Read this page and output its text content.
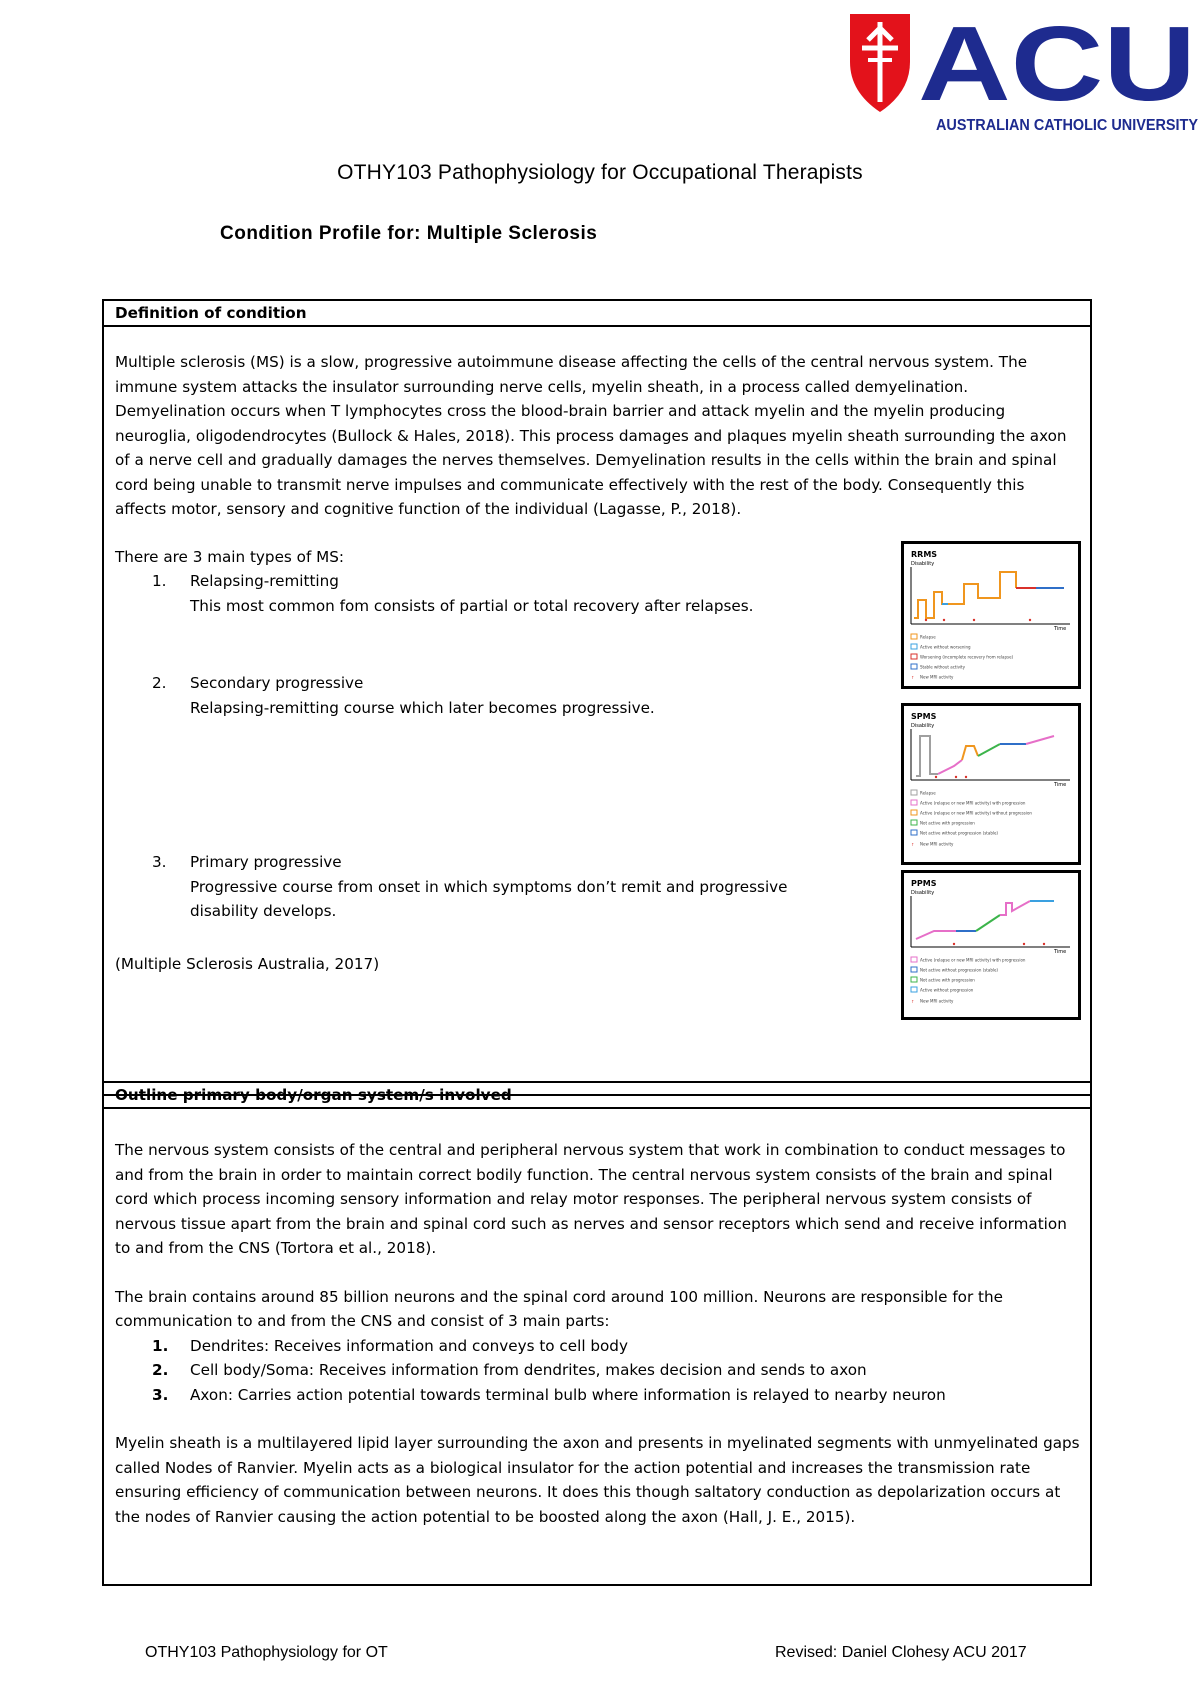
ACU
AUSTRALIAN CATHOLIC UNIVERSITY
OTHY103 Pathophysiology for Occupational Therapists
Condition Profile for: Multiple Sclerosis
Definition of condition

Multiple sclerosis (MS) is a slow, progressive autoimmune disease affecting the cells of the central nervous system. The immune system attacks the insulator surrounding nerve cells, myelin sheath, in a process called demyelination. Demyelination occurs when T lymphocytes cross the blood-brain barrier and attack myelin and the myelin producing neuroglia, oligodendrocytes (Bullock & Hales, 2018). This process damages and plaques myelin sheath surrounding the axon of a nerve cell and gradually damages the nerves themselves. Demyelination results in the cells within the brain and spinal cord being unable to transmit nerve impulses and communicate effectively with the rest of the body. Consequently this affects motor, sensory and cognitive function of the individual (Lagasse, P., 2018).

There are 3 main types of MS:
1. Relapsing-remitting
This most common fom consists of partial or total recovery after relapses.
2. Secondary progressive
Relapsing-remitting course which later becomes progressive.
3. Primary progressive
Progressive course from onset in which symptoms don’t remit and progressive disability develops.
(Multiple Sclerosis Australia, 2017)
RRMS
Disability
Time
Relapse
Active without worsening
Worsening (incomplete recovery from relapse)
Stable without activity
↑ New MRI activity
SPMS
Disability
Time
Relapse
Active (relapse or new MRI activity) with progression
Active (relapse or new MRI activity) without progression
Not active with progression
Not active without progression (stable)
↑ New MRI activity
PPMS
Disability
Time
Active (relapse or new MRI activity) with progression
Not active without progression (stable)
Not active with progression
Active without progression
↑ New MRI activity
Outline primary body/organ system/s involved

The nervous system consists of the central and peripheral nervous system that work in combination to conduct messages to and from the brain in order to maintain correct bodily function. The central nervous system consists of the brain and spinal cord which process incoming sensory information and relay motor responses. The peripheral nervous system consists of nervous tissue apart from the brain and spinal cord such as nerves and sensor receptors which send and receive information to and from the CNS (Tortora et al., 2018).

The brain contains around 85 billion neurons and the spinal cord around 100 million. Neurons are responsible for the communication to and from the CNS and consist of 3 main parts:

1. Dendrites: Receives information and conveys to cell body
2. Cell body/Soma: Receives information from dendrites, makes decision and sends to axon
3. Axon: Carries action potential towards terminal bulb where information is relayed to nearby neuron

Myelin sheath is a multilayered lipid layer surrounding the axon and presents in myelinated segments with unmyelinated gaps called Nodes of Ranvier. Myelin acts as a biological insulator for the action potential and increases the transmission rate ensuring efficiency of communication between neurons. It does this though saltatory conduction as depolarization occurs at the nodes of Ranvier causing the action potential to be boosted along the axon (Hall, J. E., 2015).

OTHY103 Pathophysiology for OT	Revised: Daniel Clohesy ACU 2017
